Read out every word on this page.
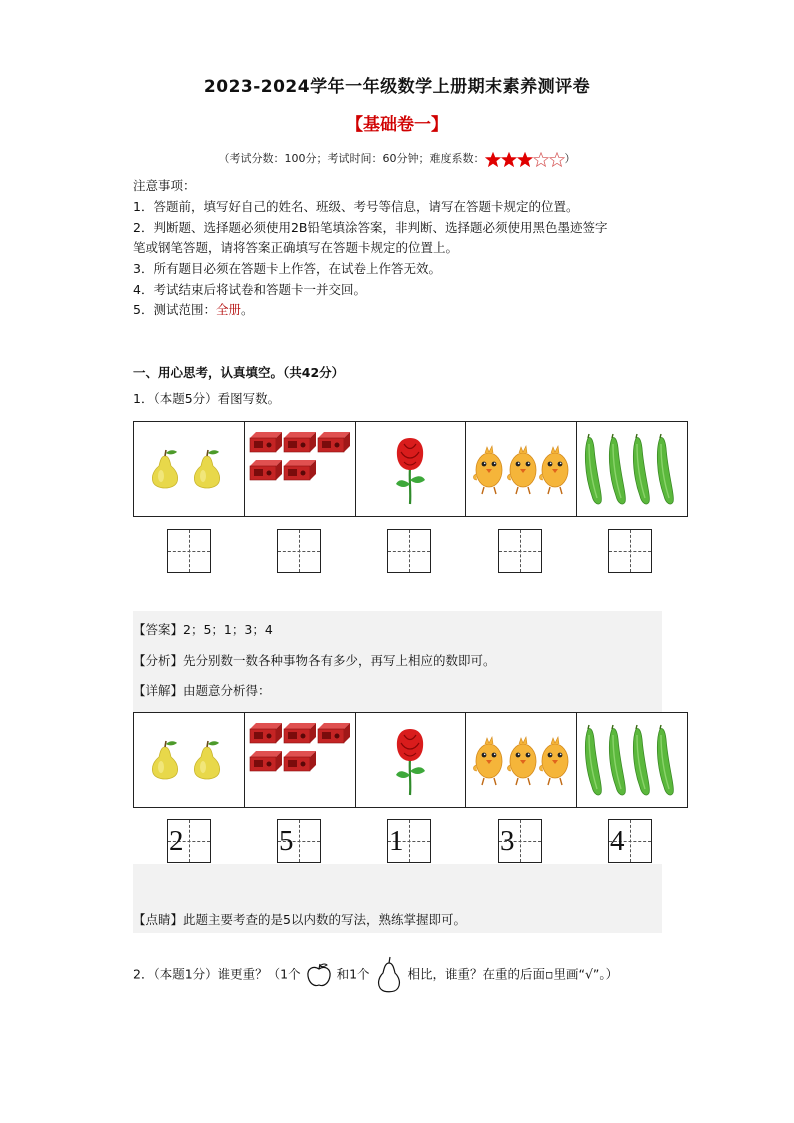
2023-2024学年一年级数学上册期末素养测评卷
【基础卷一】
（考试分数：100分；考试时间：60分钟；难度系数：	）
注意事项：
1．答题前，填写好自己的姓名、班级、考号等信息，请写在答题卡规定的位置。
2．判断题、选择题必须使用2B铅笔填涂答案，非判断、选择题必须使用黑色墨迹签字
笔或钢笔答题，请将答案正确填写在答题卡规定的位置上。
3．所有题目必须在答题卡上作答，在试卷上作答无效。
4．考试结束后将试卷和答题卡一并交回。
5．测试范围：全册。
一、用心思考，认真填空。（共42分）
1．（本题5分）看图写数。
【答案】2；5；1；3；4
【分析】先分别数一数各种事物各有多少，再写上相应的数即可。
【详解】由题意分析得：
2	5	1	3	4
【点睛】此题主要考查的是5以内数的写法，熟练掌握即可。
2．（本题1分）谁更重？（1个	和1个	相比，谁重？在重的后面▫里画“√”。）
